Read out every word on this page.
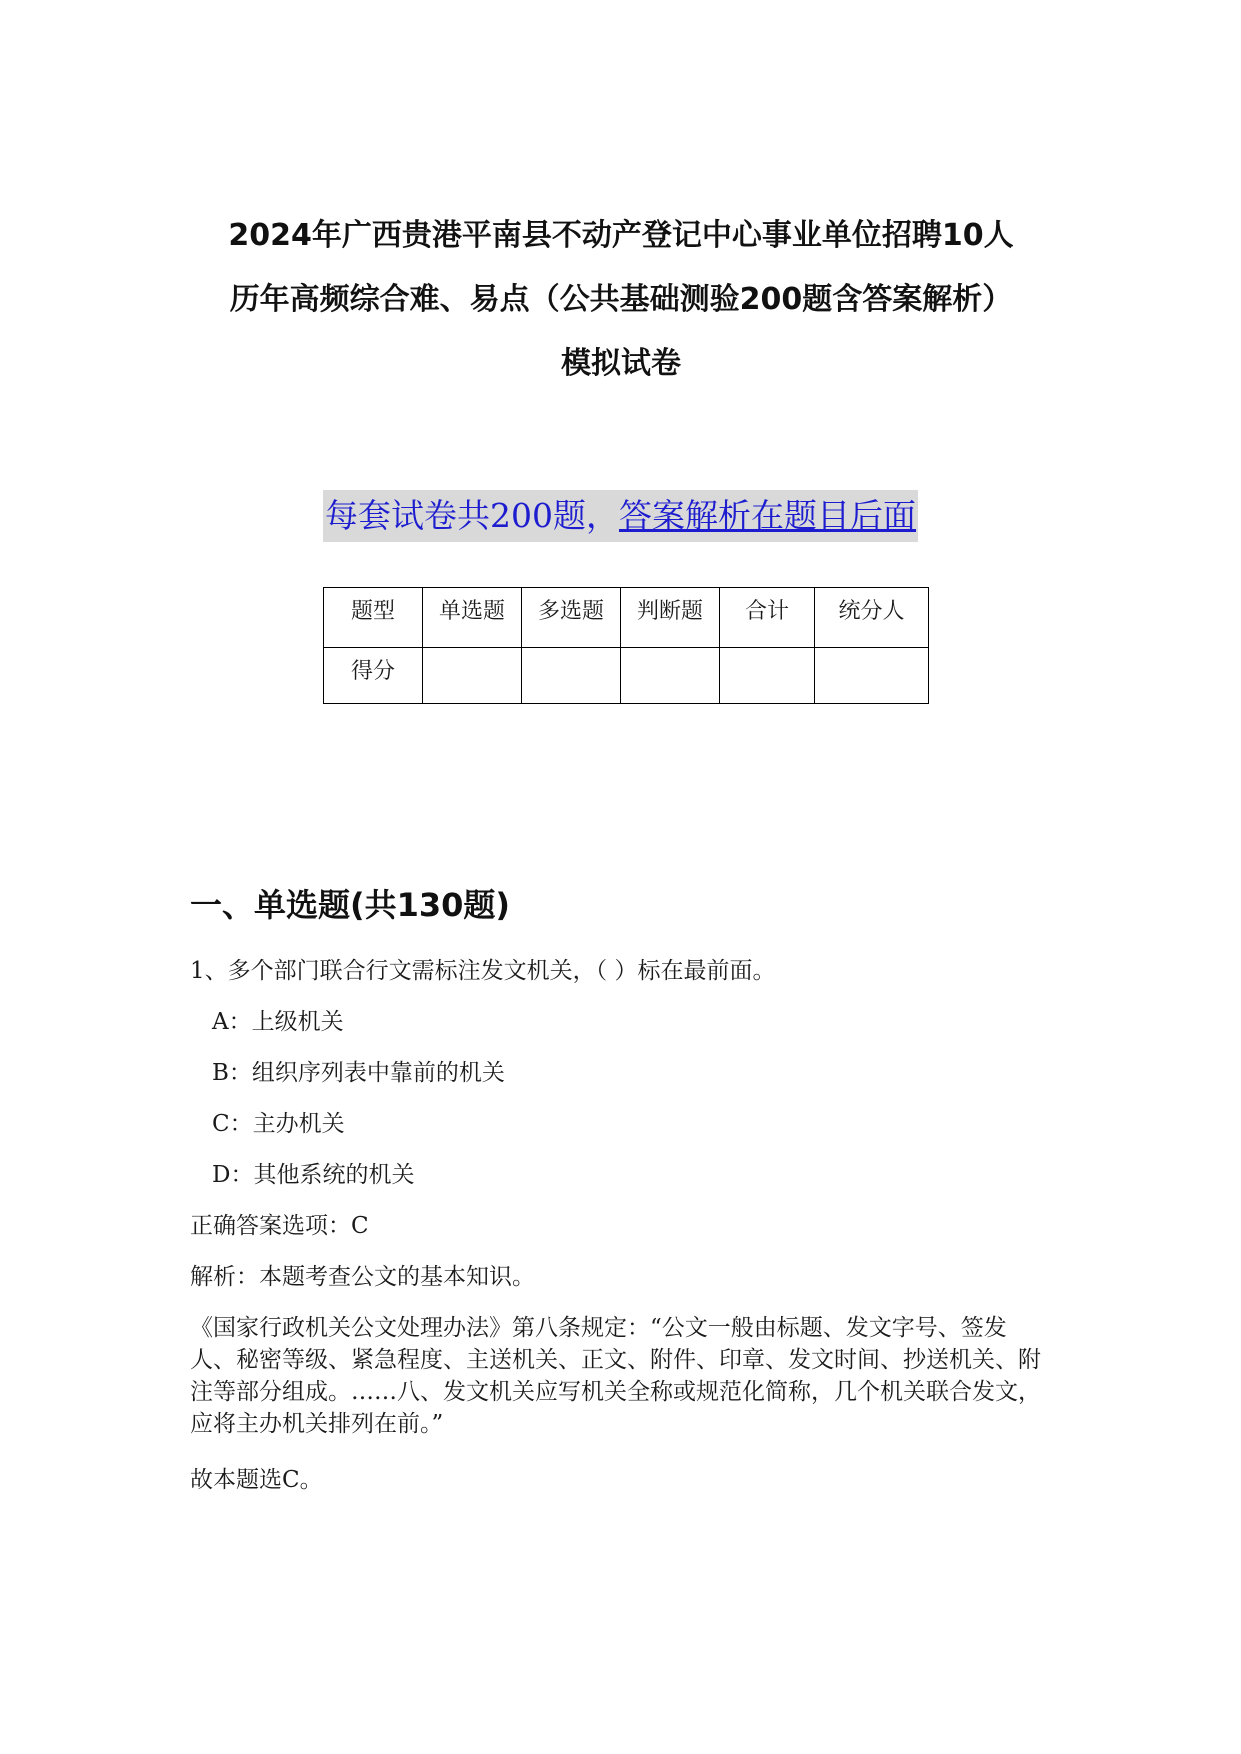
2024年广西贵港平南县不动产登记中心事业单位招聘10人
历年高频综合难、易点（公共基础测验200题含答案解析）
模拟试卷
每套试卷共200题，答案解析在题目后面
题型	单选题	多选题	判断题	合计	统分人
得分					
一、单选题(共130题)
1、多个部门联合行文需标注发文机关，（ ）标在最前面。
A：上级机关
B：组织序列表中靠前的机关
C：主办机关
D：其他系统的机关
正确答案选项：C
解析：本题考查公文的基本知识。
《国家行政机关公文处理办法》第八条规定：“公文一般由标题、发文字号、签发人、秘密等级、紧急程度、主送机关、正文、附件、印章、发文时间、抄送机关、附注等部分组成。……八、发文机关应写机关全称或规范化简称，几个机关联合发文，应将主办机关排列在前。”
故本题选C。
